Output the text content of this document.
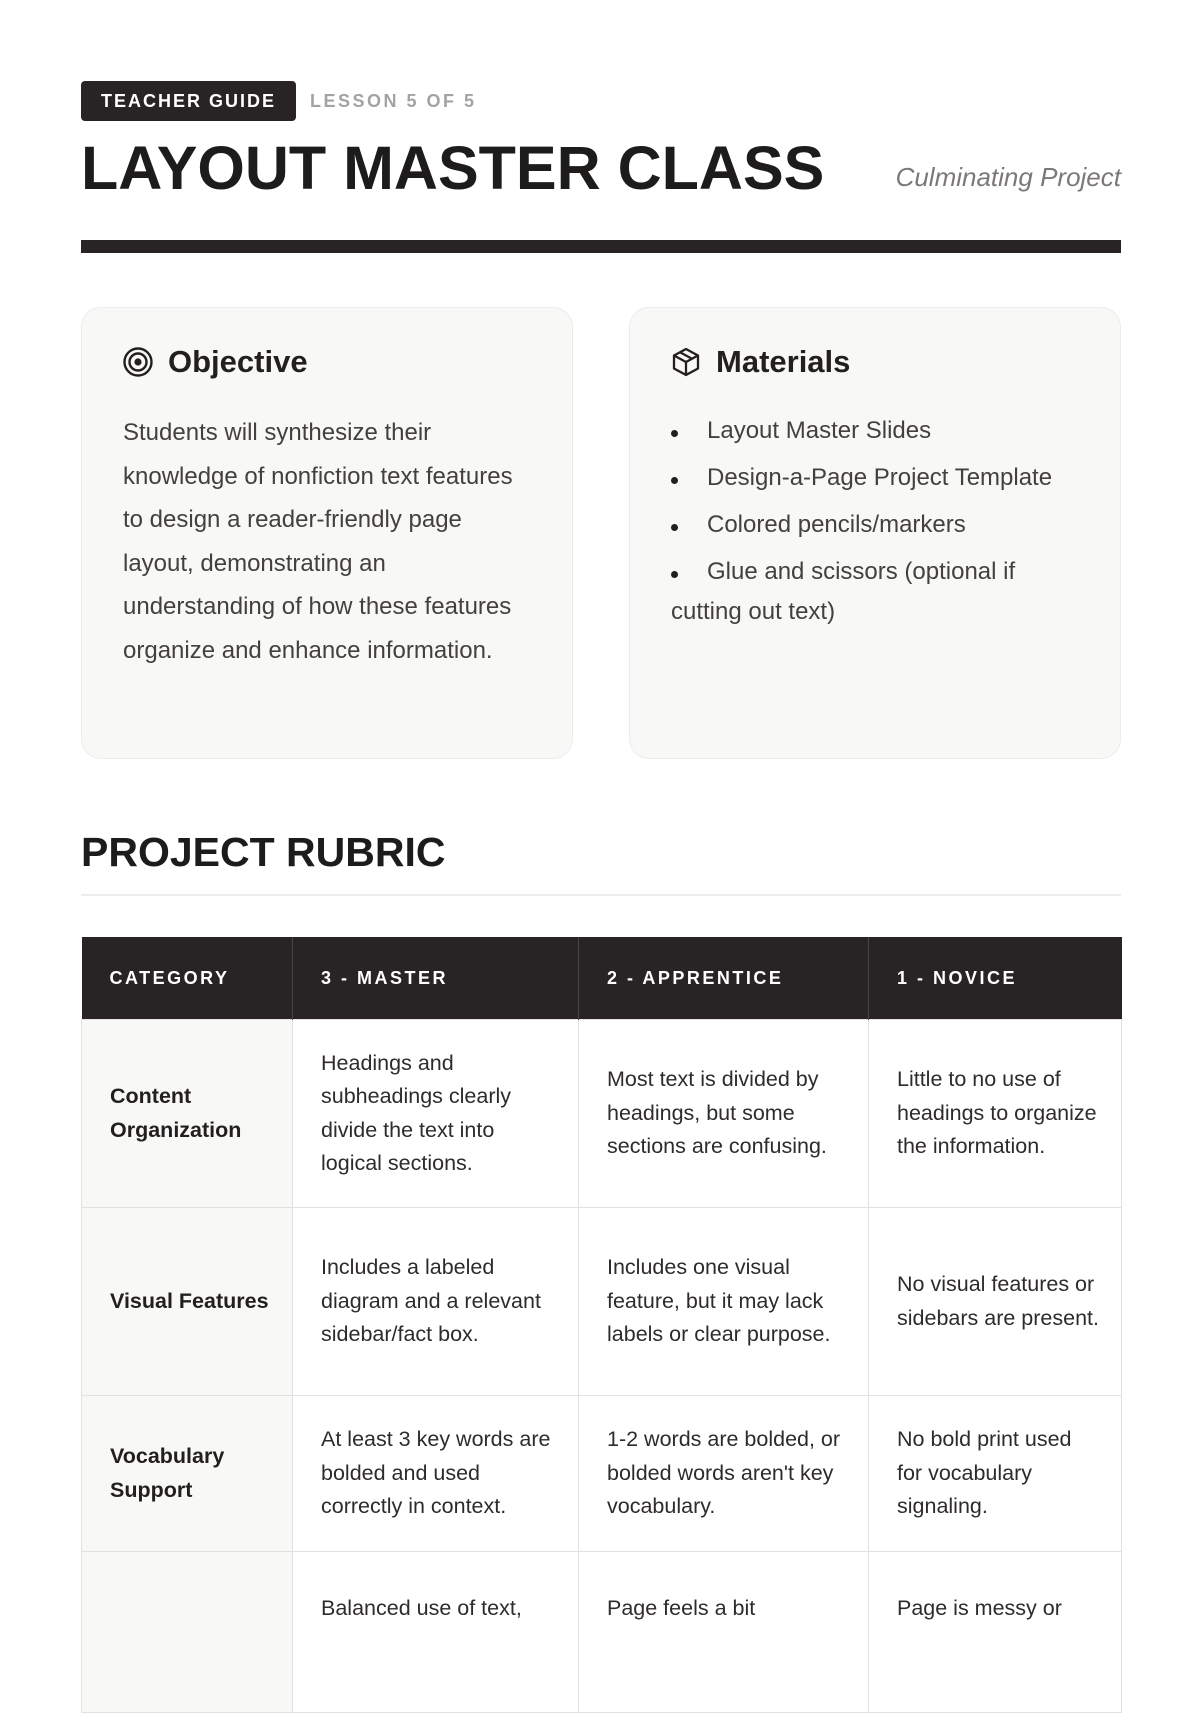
TEACHER GUIDE	LESSON 5 OF 5
LAYOUT MASTER CLASS	Culminating Project
Objective

Students will synthesize their knowledge of nonfiction text features to design a reader-friendly page layout, demonstrating an understanding of how these features organize and enhance information.

Materials
Layout Master Slides
Design-a-Page Project Template
Colored pencils/markers
Glue and scissors (optional if cutting out text)
PROJECT RUBRIC
CATEGORY	3 - MASTER	2 - APPRENTICE	1 - NOVICE
Content Organization	Headings and subheadings clearly divide the text into logical sections.	Most text is divided by headings, but some sections are confusing.	Little to no use of headings to organize the information.
Visual Features	Includes a labeled diagram and a relevant sidebar/fact box.	Includes one visual feature, but it may lack labels or clear purpose.	No visual features or sidebars are present.
Vocabulary Support	At least 3 key words are bolded and used correctly in context.	1-2 words are bolded, or bolded words aren't key vocabulary.	No bold print used for vocabulary signaling.
	Balanced use of text,	Page feels a bit	Page is messy or
